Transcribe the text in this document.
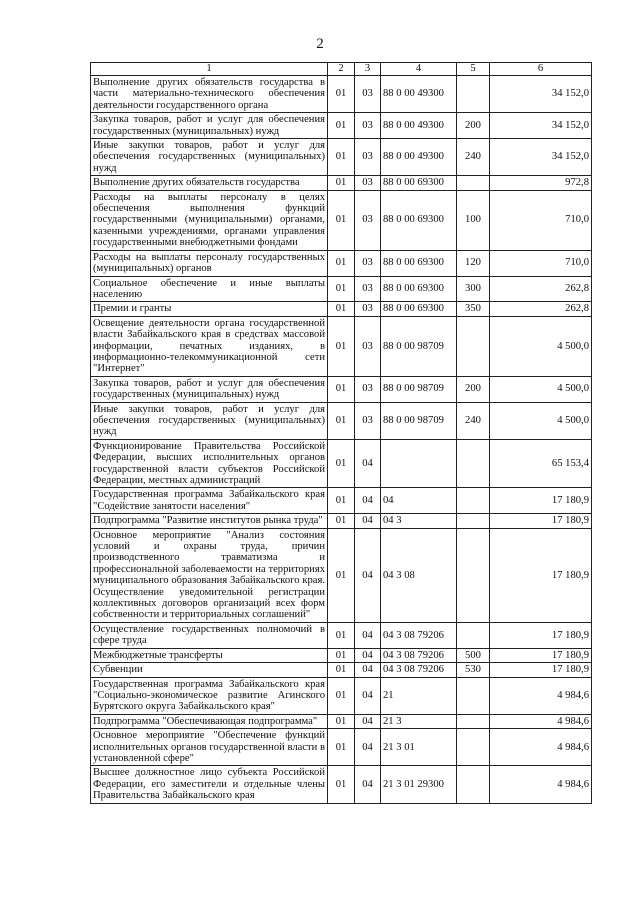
2
1	2	3	4	5	6
Выполнение других обязательств государства в части материально-технического обеспечения деятельности государственного органа	01	03	88 0 00 49300		34 152,0
Закупка товаров, работ и услуг для обеспечения государственных (муниципальных) нужд	01	03	88 0 00 49300	200	34 152,0
Иные закупки товаров, работ и услуг для обеспечения государственных (муниципальных) нужд	01	03	88 0 00 49300	240	34 152,0
Выполнение других обязательств государства	01	03	88 0 00 69300		972,8
Расходы на выплаты персоналу в целях обеспечения выполнения функций государственными (муниципальными) органами, казенными учреждениями, органами управления государственными внебюджетными фондами	01	03	88 0 00 69300	100	710,0
Расходы на выплаты персоналу государственных (муниципальных) органов	01	03	88 0 00 69300	120	710,0
Социальное обеспечение и иные выплаты населению	01	03	88 0 00 69300	300	262,8
Премии и гранты	01	03	88 0 00 69300	350	262,8
Освещение деятельности органа государственной власти Забайкальского края в средствах массовой информации, печатных изданиях, в информационно-телекоммуникационной сети "Интернет"	01	03	88 0 00 98709		4 500,0
Закупка товаров, работ и услуг для обеспечения государственных (муниципальных) нужд	01	03	88 0 00 98709	200	4 500,0
Иные закупки товаров, работ и услуг для обеспечения государственных (муниципальных) нужд	01	03	88 0 00 98709	240	4 500,0
Функционирование Правительства Российской Федерации, высших исполнительных органов государственной власти субъектов Российской Федерации, местных администраций	01	04			65 153,4
Государственная программа Забайкальского края "Содействие занятости населения"	01	04	04		17 180,9
Подпрограмма "Развитие институтов рынка труда"	01	04	04 3		17 180,9
Основное мероприятие "Анализ состояния условий и охраны труда, причин производственного травматизма и профессиональной заболеваемости на территориях муниципального образования Забайкальского края. Осуществление уведомительной регистрации коллективных договоров организаций всех форм собственности и территориальных соглашений"	01	04	04 3 08		17 180,9
Осуществление государственных полномочий в сфере труда	01	04	04 3 08 79206		17 180,9
Межбюджетные трансферты	01	04	04 3 08 79206	500	17 180,9
Субвенции	01	04	04 3 08 79206	530	17 180,9
Государственная программа Забайкальского края "Социально-экономическое развитие Агинского Бурятского округа Забайкальского края"	01	04	21		4 984,6
Подпрограмма "Обеспечивающая подпрограмма"	01	04	21 3		4 984,6
Основное мероприятие "Обеспечение функций исполнительных органов государственной власти в установленной сфере"	01	04	21 3 01		4 984,6
Высшее должностное лицо субъекта Российской Федерации, его заместители и отдельные члены Правительства Забайкальского края	01	04	21 3 01 29300		4 984,6
